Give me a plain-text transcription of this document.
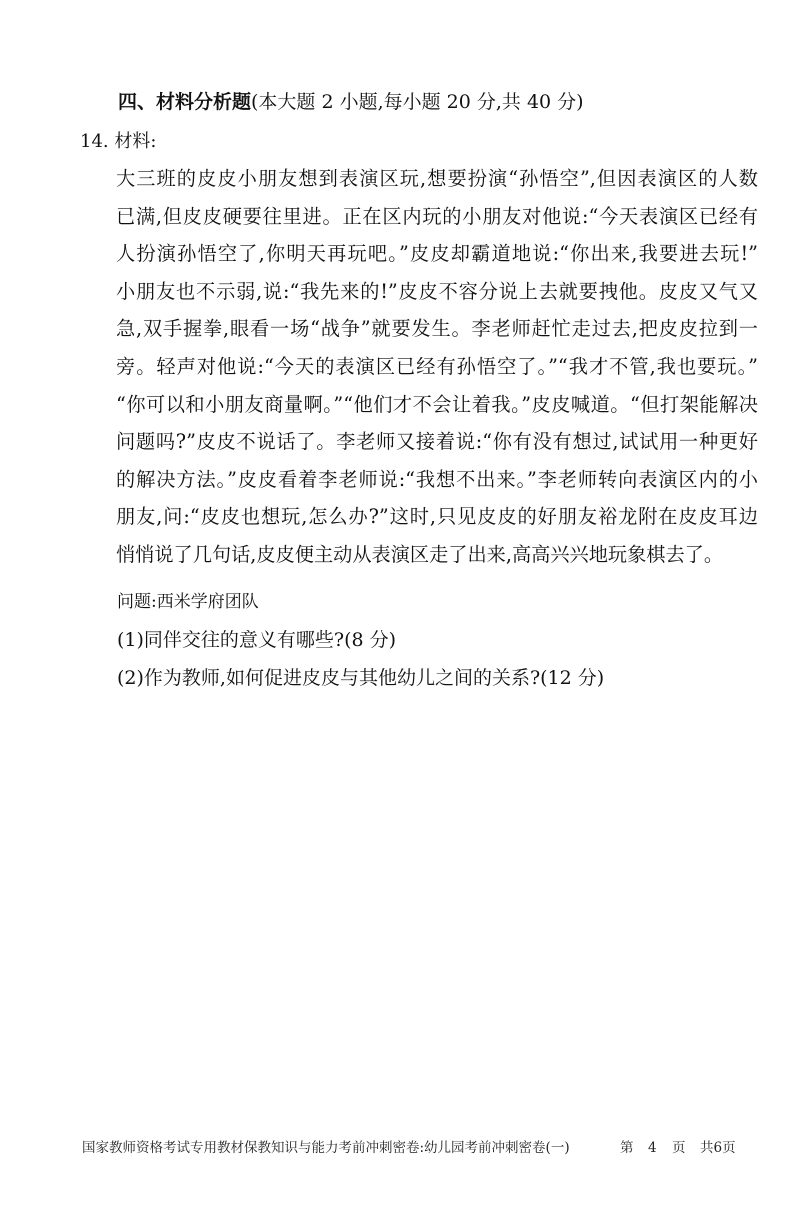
四、材料分析题(本大题 2 小题,每小题 20 分,共 40 分)
14. 材料:
大三班的皮皮小朋友想到表演区玩,想要扮演“孙悟空”,但因表演区的人数
已满,但皮皮硬要往里进。正在区内玩的小朋友对他说:“今天表演区已经有
人扮演孙悟空了,你明天再玩吧。”皮皮却霸道地说:“你出来,我要进去玩!”
小朋友也不示弱,说:“我先来的!”皮皮不容分说上去就要拽他。皮皮又气又
急,双手握拳,眼看一场“战争”就要发生。李老师赶忙走过去,把皮皮拉到一
旁。轻声对他说:“今天的表演区已经有孙悟空了。”“我才不管,我也要玩。”
“你可以和小朋友商量啊。”“他们才不会让着我。”皮皮喊道。“但打架能解决
问题吗?”皮皮不说话了。李老师又接着说:“你有没有想过,试试用一种更好
的解决方法。”皮皮看着李老师说:“我想不出来。”李老师转向表演区内的小
朋友,问:“皮皮也想玩,怎么办?”这时,只见皮皮的好朋友裕龙附在皮皮耳边
悄悄说了几句话,皮皮便主动从表演区走了出来,高高兴兴地玩象棋去了。
问题:西米学府团队
(1)同伴交往的意义有哪些?(8 分)
(2)作为教师,如何促进皮皮与其他幼儿之间的关系?(12 分)
国家教师资格考试专用教材保教知识与能力考前冲刺密卷:幼儿园考前冲刺密卷(一)	第 4 页 共6页
